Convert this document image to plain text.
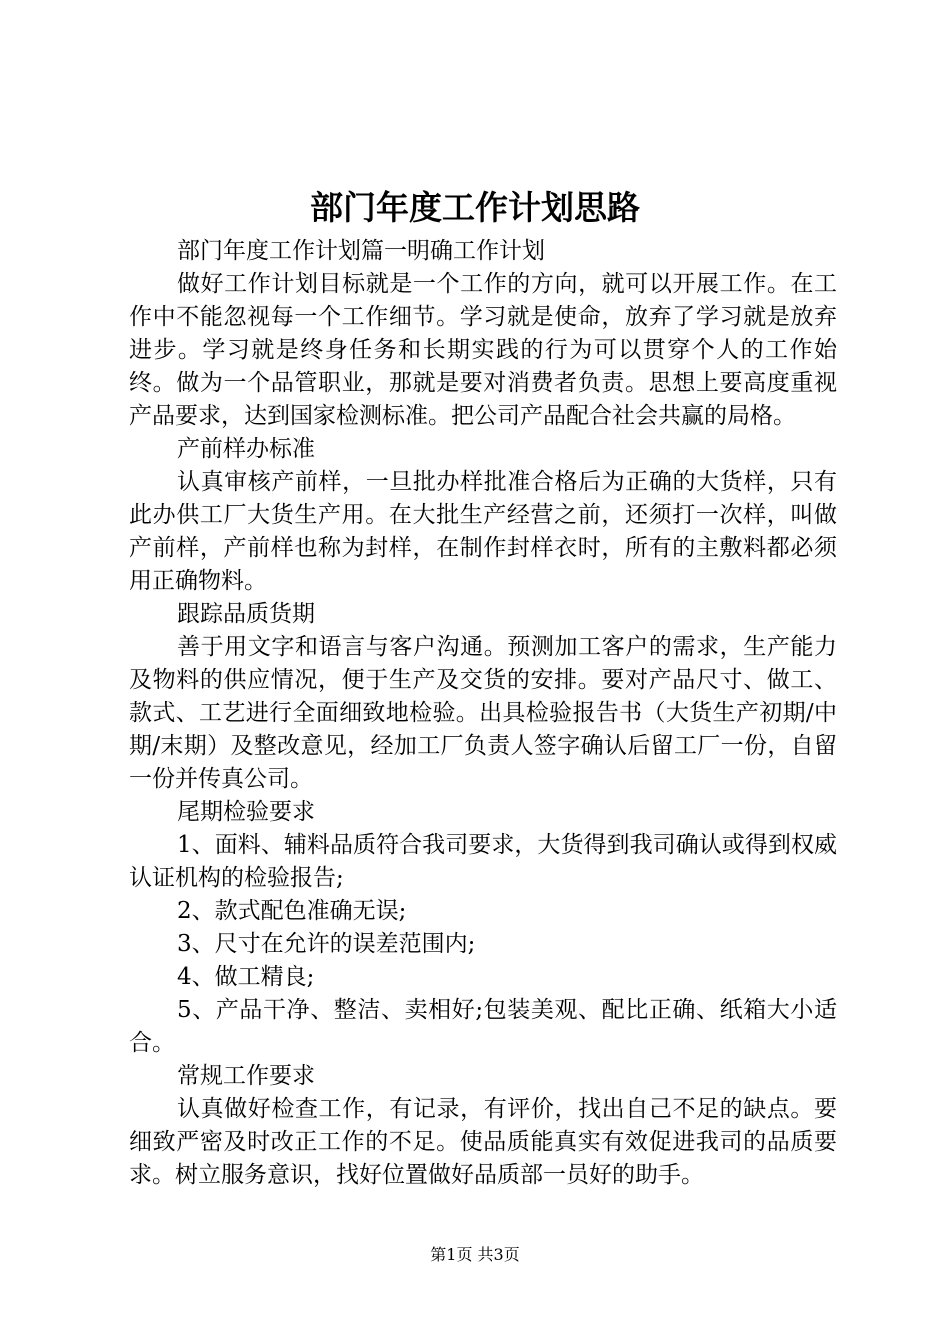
部门年度工作计划思路

部门年度工作计划篇一明确工作计划

做好工作计划目标就是一个工作的方向，就可以开展工作。在工作中不能忽视每一个工作细节。学习就是使命，放弃了学习就是放弃进步。学习就是终身任务和长期实践的行为可以贯穿个人的工作始终。做为一个品管职业，那就是要对消费者负责。思想上要高度重视产品要求，达到国家检测标准。把公司产品配合社会共赢的局格。

产前样办标准

认真审核产前样，一旦批办样批准合格后为正确的大货样，只有此办供工厂大货生产用。在大批生产经营之前，还须打一次样，叫做产前样，产前样也称为封样，在制作封样衣时，所有的主敷料都必须用正确物料。

跟踪品质货期

善于用文字和语言与客户沟通。预测加工客户的需求，生产能力及物料的供应情况，便于生产及交货的安排。要对产品尺寸、做工、款式、工艺进行全面细致地检验。出具检验报告书（大货生产初期/中期/末期）及整改意见，经加工厂负责人签字确认后留工厂一份，自留一份并传真公司。

尾期检验要求

1、面料、辅料品质符合我司要求，大货得到我司确认或得到权威认证机构的检验报告;

2、款式配色准确无误;

3、尺寸在允许的误差范围内;

4、做工精良;

5、产品干净、整洁、卖相好;包装美观、配比正确、纸箱大小适合。

常规工作要求

认真做好检查工作，有记录，有评价，找出自己不足的缺点。要细致严密及时改正工作的不足。使品质能真实有效促进我司的品质要求。树立服务意识，找好位置做好品质部一员好的助手。

第1页 共3页
